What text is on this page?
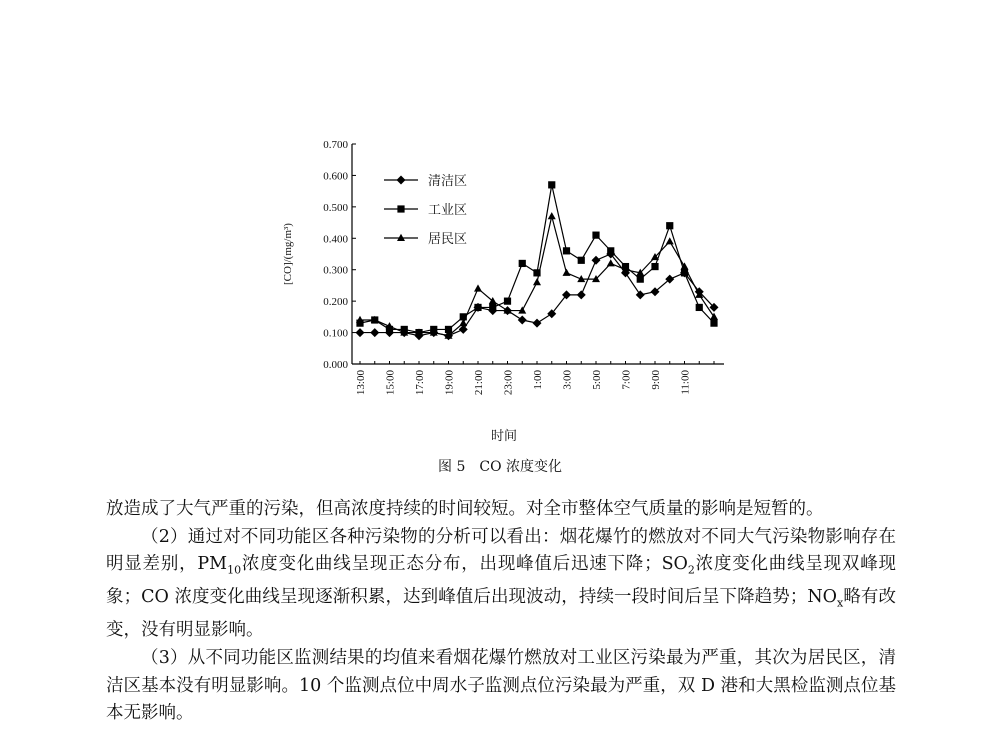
0.000
0.100
0.200
0.300
0.400
0.500
0.600
0.700
13:00 15:00 17:00 19:00 21:00 23:00 1:00 3:00 5:00 7:00 9:00 11:00
清洁区
工业区
居民区
[CO]/(mg/m³)
时间
图 5　CO 浓度变化

放造成了大气严重的污染，但高浓度持续的时间较短。对全市整体空气质量的影响是短暂的。

（2）通过对不同功能区各种污染物的分析可以看出：烟花爆竹的燃放对不同大气污染物影响存在明显差别，$PM_{10}$浓度变化曲线呈现正态分布，出现峰值后迅速下降；$SO_2$浓度变化曲线呈现双峰现象；CO 浓度变化曲线呈现逐渐积累，达到峰值后出现波动，持续一段时间后呈下降趋势；$NO_x$略有改变，没有明显影响。

（3）从不同功能区监测结果的均值来看烟花爆竹燃放对工业区污染最为严重，其次为居民区，清洁区基本没有明显影响。10 个监测点位中周水子监测点位污染最为严重，双 D 港和大黑检监测点位基本无影响。
